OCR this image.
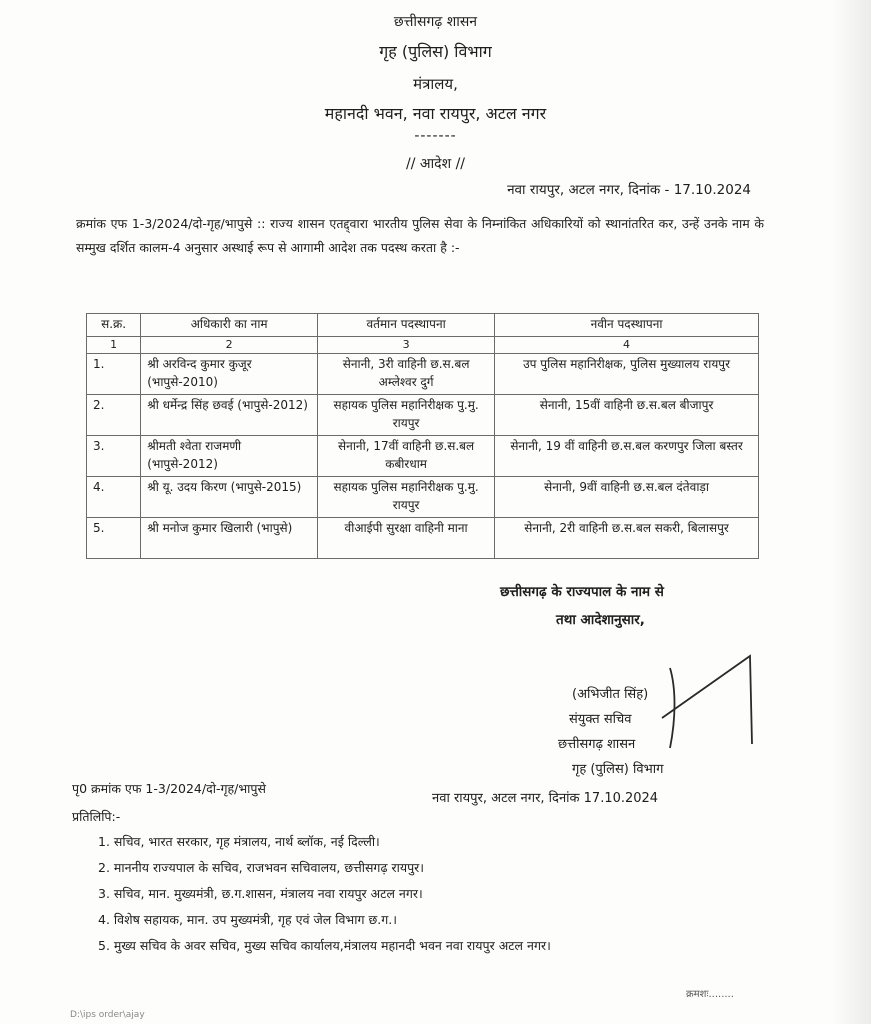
छत्तीसगढ़ शासन
गृह (पुलिस) विभाग
मंत्रालय,
महानदी भवन, नवा रायपुर, अटल नगर
-------
// आदेश //
नवा रायपुर, अटल नगर, दिनांक - 17.10.2024
क्रमांक एफ 1-3/2024/दो-गृह/भापुसे :: राज्य शासन एतद्द्वारा भारतीय पुलिस सेवा के निम्नांकित अधिकारियों को स्थानांतरित कर, उन्हें उनके नाम के सम्मुख दर्शित कालम-4 अनुसार अस्थाई रूप से आगामी आदेश तक पदस्थ करता है :-
स.क्र.	अधिकारी का नाम	वर्तमान पदस्थापना	नवीन पदस्थापना
1	2	3	4
1.	श्री अरविन्द कुमार कुजूर (भापुसे-2010)	सेनानी, 3री वाहिनी छ.स.बल अम्लेश्वर दुर्ग	उप पुलिस महानिरीक्षक, पुलिस मुख्यालय रायपुर
2.	श्री धर्मेन्द्र सिंह छवई (भापुसे-2012)	सहायक पुलिस महानिरीक्षक पु.मु. रायपुर	सेनानी, 15वीं वाहिनी छ.स.बल बीजापुर
3.	श्रीमती श्वेता राजमणी (भापुसे-2012)	सेनानी, 17वीं वाहिनी छ.स.बल कबीरधाम	सेनानी, 19 वीं वाहिनी छ.स.बल करणपुर जिला बस्तर
4.	श्री यू. उदय किरण (भापुसे-2015)	सहायक पुलिस महानिरीक्षक पु.मु. रायपुर	सेनानी, 9वीं वाहिनी छ.स.बल दंतेवाड़ा
5.	श्री मनोज कुमार खिलारी (भापुसे)	वीआईपी सुरक्षा वाहिनी माना	सेनानी, 2री वाहिनी छ.स.बल सकरी, बिलासपुर
छत्तीसगढ़ के राज्यपाल के नाम से
तथा आदेशानुसार,
(अभिजीत सिंह)
संयुक्त सचिव
छत्तीसगढ़ शासन
गृह (पुलिस) विभाग
पृ0 क्रमांक एफ 1-3/2024/दो-गृह/भापुसे
नवा रायपुर, अटल नगर, दिनांक 17.10.2024
प्रतिलिपि:-
1. सचिव, भारत सरकार, गृह मंत्रालय, नार्थ ब्लॉक, नई दिल्ली।
2. माननीय राज्यपाल के सचिव, राजभवन सचिवालय, छत्तीसगढ़ रायपुर।
3. सचिव, मान. मुख्यमंत्री, छ.ग.शासन, मंत्रालय नवा रायपुर अटल नगर।
4. विशेष सहायक, मान. उप मुख्यमंत्री, गृह एवं जेल विभाग छ.ग.।
5. मुख्य सचिव के अवर सचिव, मुख्य सचिव कार्यालय,मंत्रालय महानदी भवन नवा रायपुर अटल नगर।
क्रमशः........
D:\ips order\ajay
